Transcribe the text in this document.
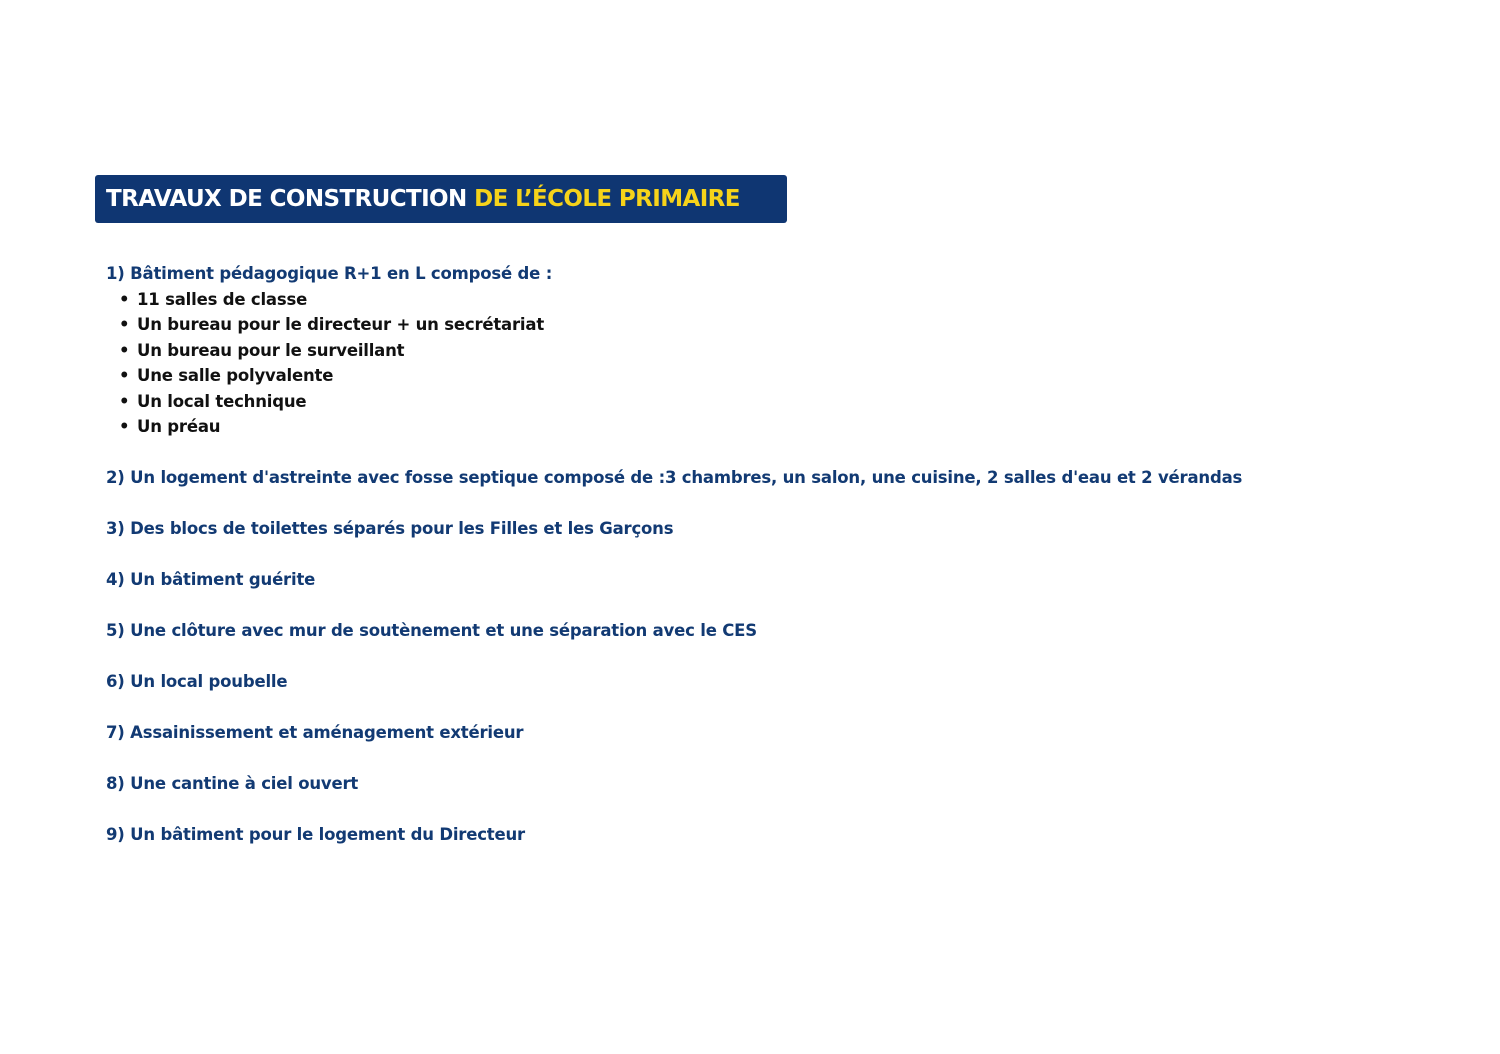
TRAVAUX DE CONSTRUCTION
DE L’ÉCOLE PRIMAIRE
1) Bâtiment pédagogique R+1 en L composé de :
• 11 salles de classe
• Un bureau pour le directeur + un secrétariat
• Un bureau pour le surveillant
• Une salle polyvalente
• Un local technique
• Un préau
2) Un logement d'astreinte avec fosse septique composé de :3 chambres, un salon, une cuisine, 2 salles d'eau et 2 vérandas
3) Des blocs de toilettes séparés pour les Filles et les Garçons
4) Un bâtiment guérite
5) Une clôture avec mur de soutènement et une séparation avec le CES
6) Un local poubelle
7) Assainissement et aménagement extérieur
8) Une cantine à ciel ouvert
9) Un bâtiment pour le logement du Directeur
